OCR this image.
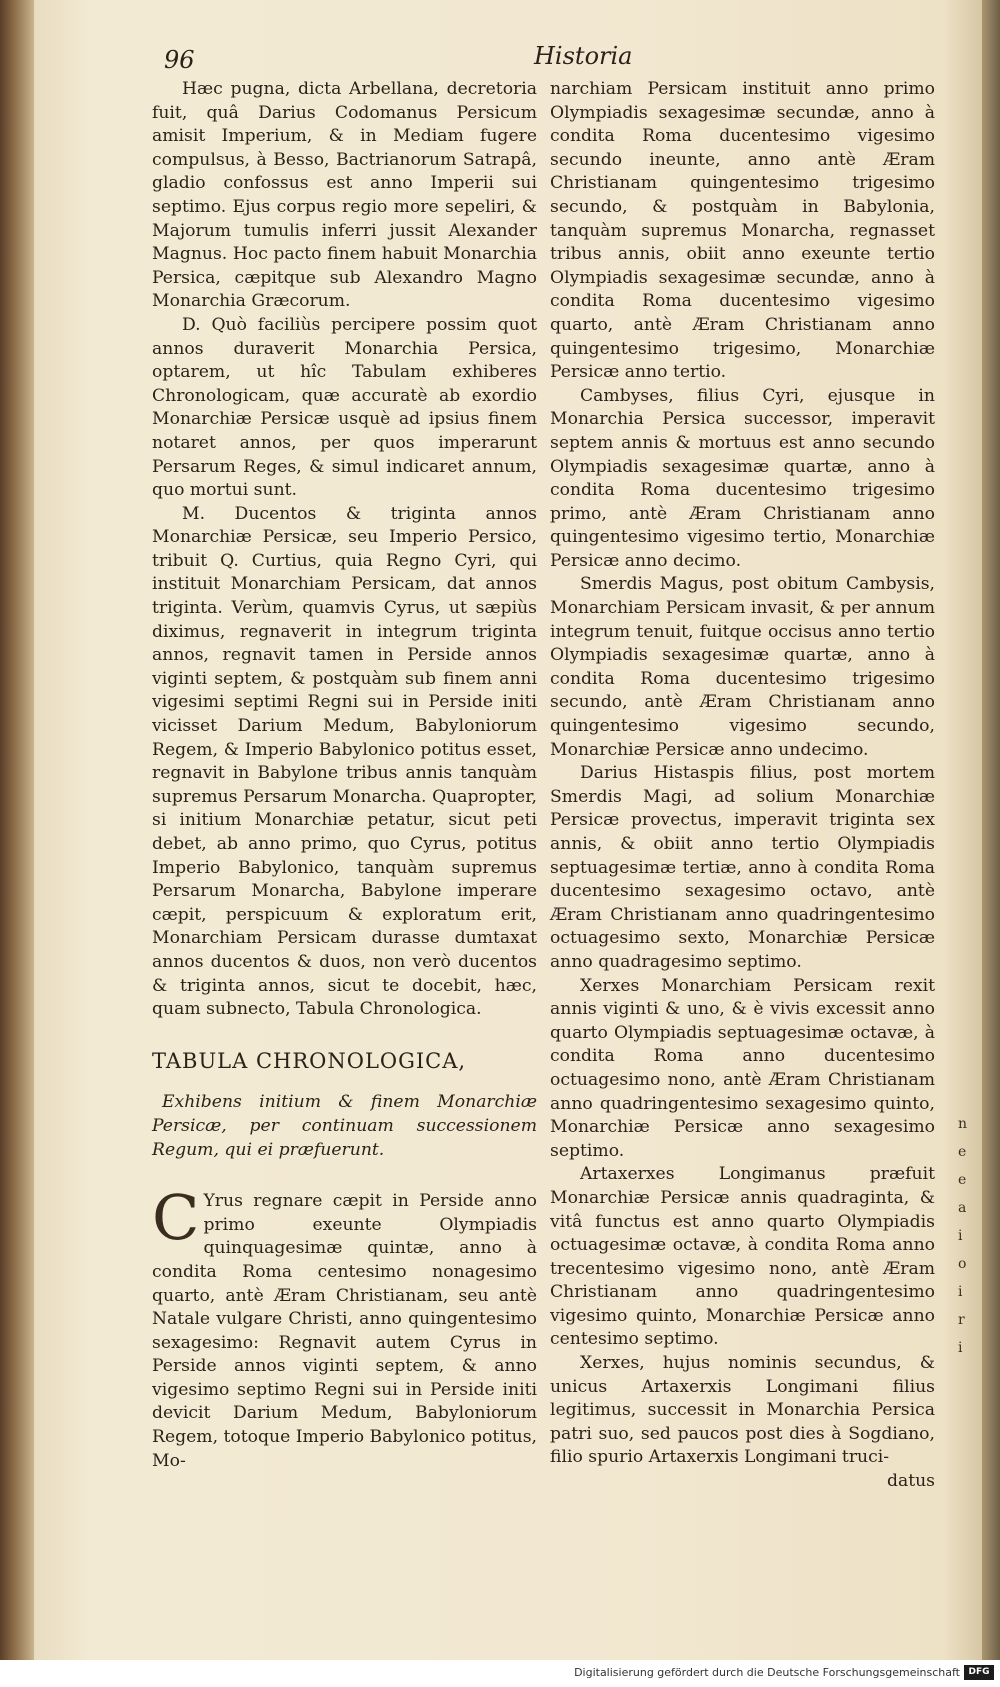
96	Historia

Hæc pugna, dicta Arbellana, decretoria fuit, quâ Darius Codomanus Persicum amisit Imperium, & in Mediam fugere compulsus, à Besso, Bactrianorum Satrapâ, gladio confossus est anno Imperii sui septimo. Ejus corpus regio more sepeliri, & Majorum tumulis inferri jussit Alexander Magnus. Hoc pacto finem habuit Monarchia Persica, cæpitque sub Alexandro Magno Monarchia Græcorum.

D. Quò faciliùs percipere possim quot annos duraverit Monarchia Persica, optarem, ut hîc Tabulam exhiberes Chronologicam, quæ accuratè ab exordio Monarchiæ Persicæ usquè ad ipsius finem notaret annos, per quos imperarunt Persarum Reges, & simul indicaret annum, quo mortui sunt.

M. Ducentos & triginta annos Monarchiæ Persicæ, seu Imperio Persico, tribuit Q. Curtius, quia Regno Cyri, qui instituit Monarchiam Persicam, dat annos triginta. Verùm, quamvis Cyrus, ut sæpiùs diximus, regnaverit in integrum triginta annos, regnavit tamen in Perside annos viginti septem, & postquàm sub finem anni vigesimi septimi Regni sui in Perside initi vicisset Darium Medum, Babyloniorum Regem, & Imperio Babylonico potitus esset, regnavit in Babylone tribus annis tanquàm supremus Persarum Monarcha. Quapropter, si initium Monarchiæ petatur, sicut peti debet, ab anno primo, quo Cyrus, potitus Imperio Babylonico, tanquàm supremus Persarum Monarcha, Babylone imperare cæpit, perspicuum & exploratum erit, Monarchiam Persicam durasse dumtaxat annos ducentos & duos, non verò ducentos & triginta annos, sicut te docebit, hæc, quam subnecto, Tabula Chronologica.

TABULA CHRONOLOGICA,
Exhibens initium & finem Monarchiæ Persicæ, per continuam successionem Regum, qui ei præfuerunt.

C Yrus regnare cæpit in Perside anno primo exeunte Olympiadis quinquagesimæ quintæ, anno à condita Roma centesimo nonagesimo quarto, antè Æram Christianam, seu antè Natale vulgare Christi, anno quingentesimo sexagesimo: Regnavit autem Cyrus in Perside annos viginti septem, & anno vigesimo septimo Regni sui in Perside initi devicit Darium Medum, Babyloniorum Regem, totoque Imperio Babylonico potitus, Mo-

narchiam Persicam instituit anno primo Olympiadis sexagesimæ secundæ, anno à condita Roma ducentesimo vigesimo secundo ineunte, anno antè Æram Christianam quingentesimo trigesimo secundo, & postquàm in Babylonia, tanquàm supremus Monarcha, regnasset tribus annis, obiit anno exeunte tertio Olympiadis sexagesimæ secundæ, anno à condita Roma ducentesimo vigesimo quarto, antè Æram Christianam anno quingentesimo trigesimo, Monarchiæ Persicæ anno tertio.

Cambyses, filius Cyri, ejusque in Monarchia Persica successor, imperavit septem annis & mortuus est anno secundo Olympiadis sexagesimæ quartæ, anno à condita Roma ducentesimo trigesimo primo, antè Æram Christianam anno quingentesimo vigesimo tertio, Monarchiæ Persicæ anno decimo.

Smerdis Magus, post obitum Cambysis, Monarchiam Persicam invasit, & per annum integrum tenuit, fuitque occisus anno tertio Olympiadis sexagesimæ quartæ, anno à condita Roma ducentesimo trigesimo secundo, antè Æram Christianam anno quingentesimo vigesimo secundo, Monarchiæ Persicæ anno undecimo.

Darius Histaspis filius, post mortem Smerdis Magi, ad solium Monarchiæ Persicæ provectus, imperavit triginta sex annis, & obiit anno tertio Olympiadis septuagesimæ tertiæ, anno à condita Roma ducentesimo sexagesimo octavo, antè Æram Christianam anno quadringentesimo octuagesimo sexto, Monarchiæ Persicæ anno quadragesimo septimo.

Xerxes Monarchiam Persicam rexit annis viginti & uno, & è vivis excessit anno quarto Olympiadis septuagesimæ octavæ, à condita Roma anno ducentesimo octuagesimo nono, antè Æram Christianam anno quadringentesimo sexagesimo quinto, Monarchiæ Persicæ anno sexagesimo septimo.

Artaxerxes Longimanus præfuit Monarchiæ Persicæ annis quadraginta, & vitâ functus est anno quarto Olympiadis octuagesimæ octavæ, à condita Roma anno trecentesimo vigesimo nono, antè Æram Christianam anno quadringentesimo vigesimo quinto, Monarchiæ Persicæ anno centesimo septimo.

Xerxes, hujus nominis secundus, & unicus Artaxerxis Longimani filius legitimus, successit in Monarchia Persica patri suo, sed paucos post dies à Sogdiano, filio spurio Artaxerxis Longimani truci-

datus
n
e
e
a
i
o
i
r
i
Digitalisierung gefördert durch die Deutsche Forschungsgemeinschaft DFG
